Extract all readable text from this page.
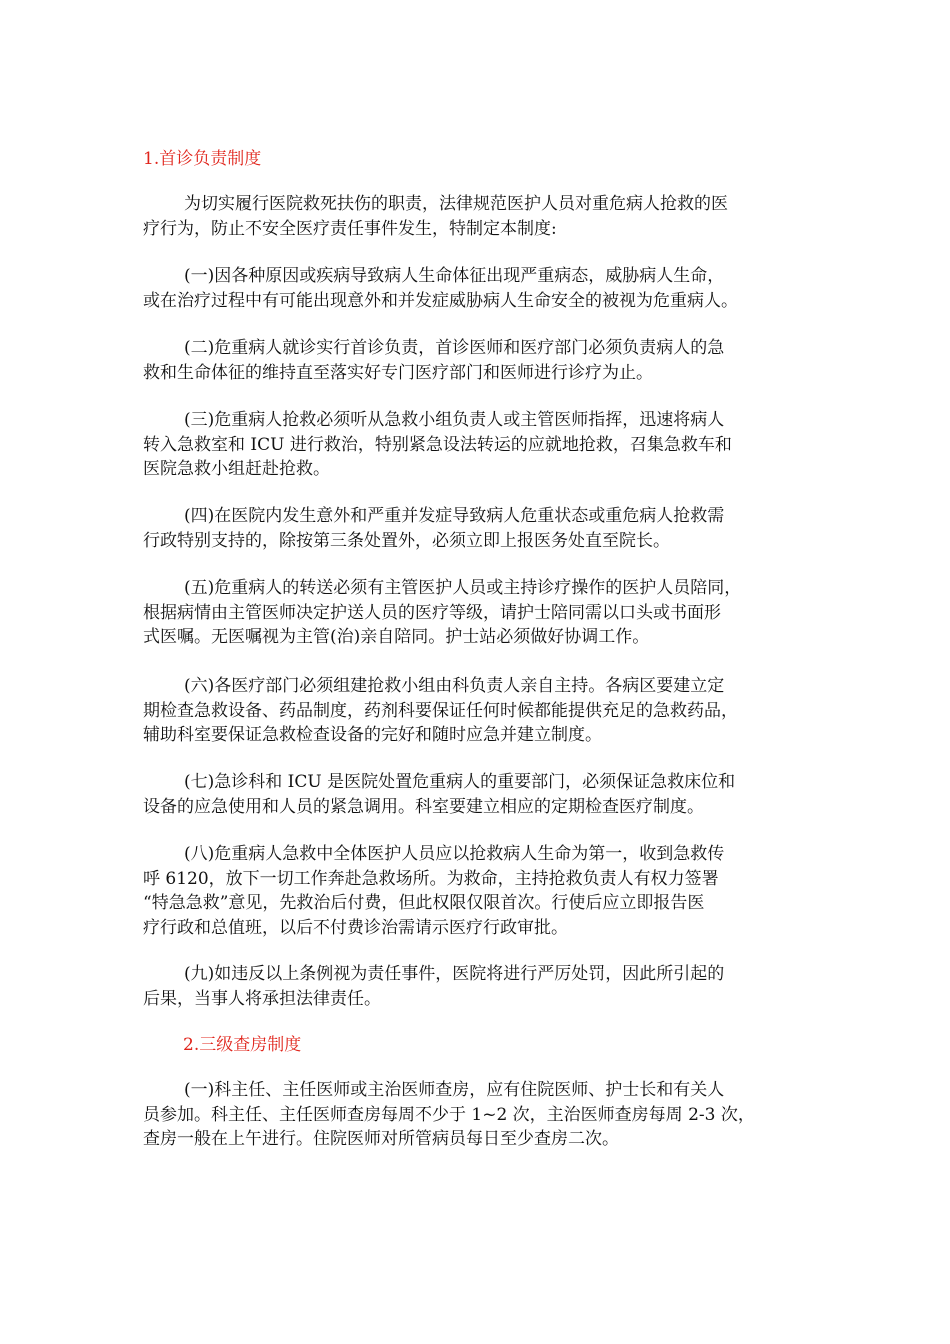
1.首诊负责制度
为切实履行医院救死扶伤的职责，法律规范医护人员对重危病人抢救的医
疗行为，防止不安全医疗责任事件发生，特制定本制度:
(一)因各种原因或疾病导致病人生命体征出现严重病态，威胁病人生命，
或在治疗过程中有可能出现意外和并发症威胁病人生命安全的被视为危重病人。
(二)危重病人就诊实行首诊负责，首诊医师和医疗部门必须负责病人的急
救和生命体征的维持直至落实好专门医疗部门和医师进行诊疗为止。
(三)危重病人抢救必须听从急救小组负责人或主管医师指挥，迅速将病人
转入急救室和 ICU 进行救治，特别紧急设法转运的应就地抢救，召集急救车和
医院急救小组赶赴抢救。
(四)在医院内发生意外和严重并发症导致病人危重状态或重危病人抢救需
行政特别支持的，除按第三条处置外，必须立即上报医务处直至院长。
(五)危重病人的转送必须有主管医护人员或主持诊疗操作的医护人员陪同，
根据病情由主管医师决定护送人员的医疗等级，请护士陪同需以口头或书面形
式医嘱。无医嘱视为主管(治)亲自陪同。护士站必须做好协调工作。
(六)各医疗部门必须组建抢救小组由科负责人亲自主持。各病区要建立定
期检查急救设备、药品制度，药剂科要保证任何时候都能提供充足的急救药品，
辅助科室要保证急救检查设备的完好和随时应急并建立制度。
(七)急诊科和 ICU 是医院处置危重病人的重要部门，必须保证急救床位和
设备的应急使用和人员的紧急调用。科室要建立相应的定期检查医疗制度。
(八)危重病人急救中全体医护人员应以抢救病人生命为第一，收到急救传
呼 6120，放下一切工作奔赴急救场所。为救命，主持抢救负责人有权力签署
“特急急救”意见，先救治后付费，但此权限仅限首次。行使后应立即报告医
疗行政和总值班，以后不付费诊治需请示医疗行政审批。
(九)如违反以上条例视为责任事件，医院将进行严厉处罚，因此所引起的
后果，当事人将承担法律责任。
2.三级查房制度
(一)科主任、主任医师或主治医师查房，应有住院医师、护士长和有关人
员参加。科主任、主任医师查房每周不少于 1~2 次，主治医师查房每周 2-3 次，
查房一般在上午进行。住院医师对所管病员每日至少查房二次。
